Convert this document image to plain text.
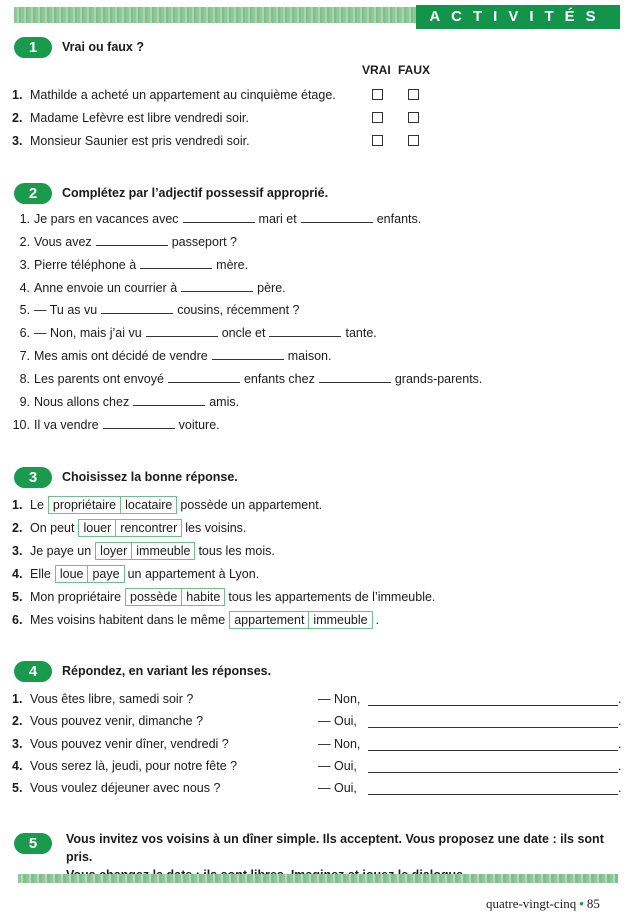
ACTIVITÉS
1	Vrai ou faux ?
VRAI FAUX
1. Mathilde a acheté un appartement au cinquième étage.
2. Madame Lefèvre est libre vendredi soir.
3. Monsieur Saunier est pris vendredi soir.
2	Complétez par l’adjectif possessif approprié.
1. Je pars en vacances avec	mari et	enfants.
2. Vous avez	passeport ?
3. Pierre téléphone à	mère.
4. Anne envoie un courrier à	père.
5. — Tu as vu	cousins, récemment ?
6. — Non, mais j’ai vu	oncle et	tante.
7. Mes amis ont décidé de vendre	maison.
8. Les parents ont envoyé	enfants chez	grands-parents.
9. Nous allons chez	amis.
10. Il va vendre	voiture.
3	Choisissez la bonne réponse.
1. Le propriétaire locataire possède un appartement.
2. On peut louer rencontrer les voisins.
3. Je paye un loyer immeuble tous les mois.
4. Elle loue paye un appartement à Lyon.
5. Mon propriétaire possède habite tous les appartements de l’immeuble.
6. Mes voisins habitent dans le même appartement immeuble .
4	Répondez, en variant les réponses.
1. Vous êtes libre, samedi soir ?	— Non,	.
2. Vous pouvez venir, dimanche ?	— Oui,	.
3. Vous pouvez venir dîner, vendredi ?	— Non,	.
4. Vous serez là, jeudi, pour notre fête ?	— Oui,	.
5. Vous voulez déjeuner avec nous ?	— Oui,	.
5	Vous invitez vos voisins à un dîner simple. Ils acceptent. Vous proposez une date : ils sont pris.
quatre-vingt-cinq • 85
